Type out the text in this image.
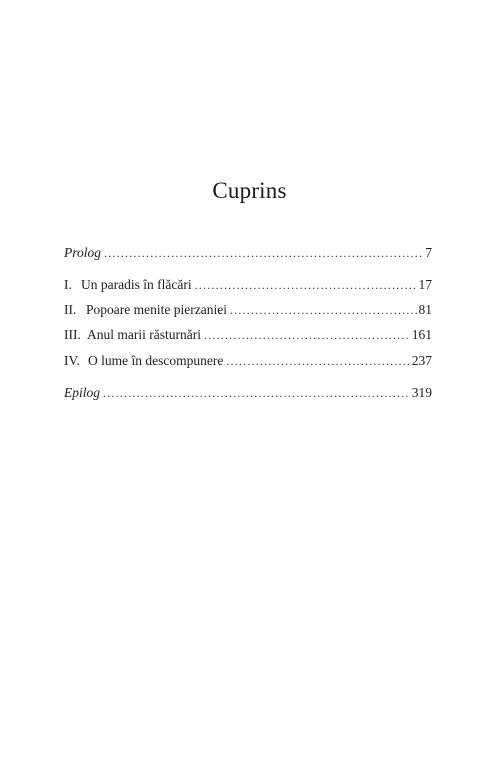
Cuprins
Prolog .....	7
I. Un paradis în flăcări .....	17
II. Popoare menite pierzaniei .....	81
III. Anul marii răsturnări .....	161
IV. O lume în descompunere .....	237
Epilog .....	319
